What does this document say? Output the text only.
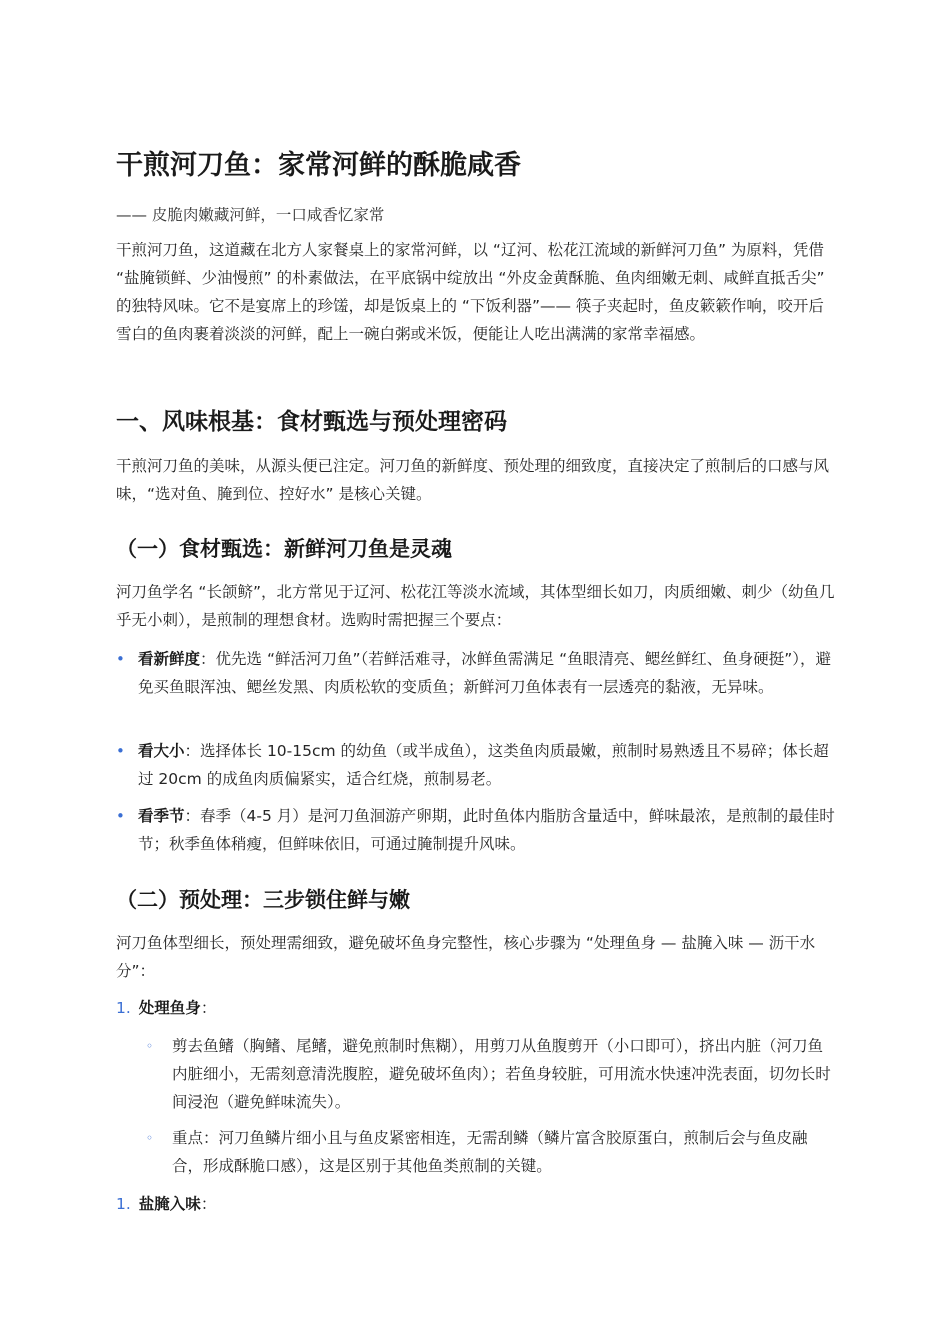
干煎河刀鱼：家常河鲜的酥脆咸香
—— 皮脆肉嫩藏河鲜，一口咸香忆家常

干煎河刀鱼，这道藏在北方人家餐桌上的家常河鲜，以 “辽河、松花江流域的新鲜河刀鱼” 为原料，凭借 “盐腌锁鲜、少油慢煎” 的朴素做法，在平底锅中绽放出 “外皮金黄酥脆、鱼肉细嫩无刺、咸鲜直抵舌尖” 的独特风味。它不是宴席上的珍馐，却是饭桌上的 “下饭利器”—— 筷子夹起时，鱼皮簌簌作响，咬开后雪白的鱼肉裹着淡淡的河鲜，配上一碗白粥或米饭，便能让人吃出满满的家常幸福感。

一、风味根基：食材甄选与预处理密码

干煎河刀鱼的美味，从源头便已注定。河刀鱼的新鲜度、预处理的细致度，直接决定了煎制后的口感与风味，“选对鱼、腌到位、控好水” 是核心关键。

（一）食材甄选：新鲜河刀鱼是灵魂

河刀鱼学名 “长颌鲚”，北方常见于辽河、松花江等淡水流域，其体型细长如刀，肉质细嫩、刺少（幼鱼几乎无小刺），是煎制的理想食材。选购时需把握三个要点：

• 看新鲜度：优先选 “鲜活河刀鱼”（若鲜活难寻，冰鲜鱼需满足 “鱼眼清亮、鳃丝鲜红、鱼身硬挺”），避免买鱼眼浑浊、鳃丝发黑、肉质松软的变质鱼；新鲜河刀鱼体表有一层透亮的黏液，无异味。
• 看大小：选择体长 10-15cm 的幼鱼（或半成鱼），这类鱼肉质最嫩，煎制时易熟透且不易碎；体长超过 20cm 的成鱼肉质偏紧实，适合红烧，煎制易老。
• 看季节：春季（4-5 月）是河刀鱼洄游产卵期，此时鱼体内脂肪含量适中，鲜味最浓，是煎制的最佳时节；秋季鱼体稍瘦，但鲜味依旧，可通过腌制提升风味。
（二）预处理：三步锁住鲜与嫩

河刀鱼体型细长，预处理需细致，避免破坏鱼身完整性，核心步骤为 “处理鱼身 — 盐腌入味 — 沥干水分”：

1. 处理鱼身：
◦ 剪去鱼鳍（胸鳍、尾鳍，避免煎制时焦糊），用剪刀从鱼腹剪开（小口即可），挤出内脏（河刀鱼内脏细小，无需刻意清洗腹腔，避免破坏鱼肉）；若鱼身较脏，可用流水快速冲洗表面，切勿长时间浸泡（避免鲜味流失）。
◦ 重点：河刀鱼鳞片细小且与鱼皮紧密相连，无需刮鳞（鳞片富含胶原蛋白，煎制后会与鱼皮融合，形成酥脆口感），这是区别于其他鱼类煎制的关键。
1. 盐腌入味：
